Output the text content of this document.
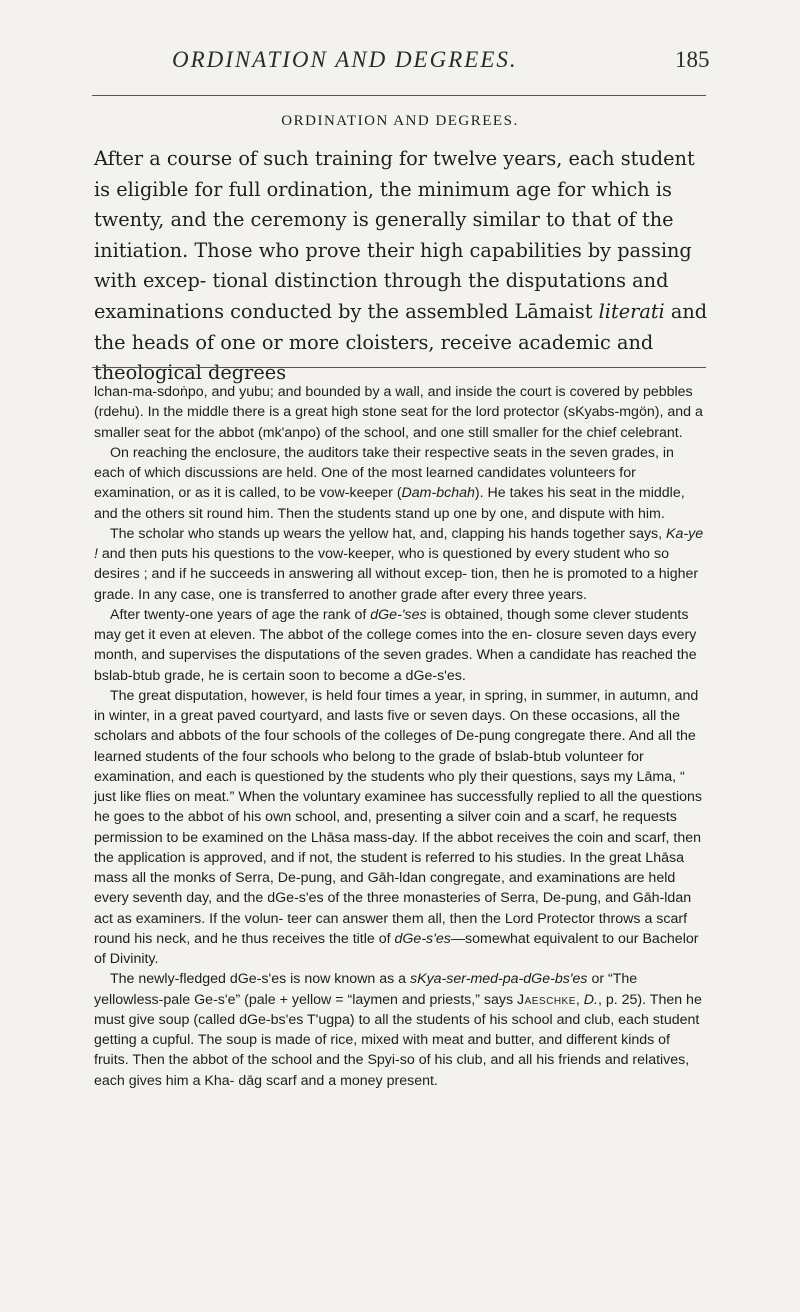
ORDINATION AND DEGREES.	185
ORDINATION AND DEGREES.

After a course of such training for twelve years, each student is eligible for full ordination, the minimum age for which is twenty, and the ceremony is generally similar to that of the initiation. Those who prove their high capabilities by passing with excep- tional distinction through the disputations and examinations conducted by the assembled Lāmaist literati and the heads of one or more cloisters, receive academic and theological degrees

lchan-ma-sdoṅpo, and yubu; and bounded by a wall, and inside the court is covered by pebbles (rdehu). In the middle there is a great high stone seat for the lord protector (sKyabs-mgön), and a smaller seat for the abbot (mk'anpo) of the school, and one still smaller for the chief celebrant.

On reaching the enclosure, the auditors take their respective seats in the seven grades, in each of which discussions are held. One of the most learned candidates volunteers for examination, or as it is called, to be vow-keeper (Dam-bchah). He takes his seat in the middle, and the others sit round him. Then the students stand up one by one, and dispute with him.

The scholar who stands up wears the yellow hat, and, clapping his hands together says, Ka-ye ! and then puts his questions to the vow-keeper, who is questioned by every student who so desires ; and if he succeeds in answering all without excep- tion, then he is promoted to a higher grade. In any case, one is transferred to another grade after every three years.

After twenty-one years of age the rank of dGe-'ses is obtained, though some clever students may get it even at eleven. The abbot of the college comes into the en- closure seven days every month, and supervises the disputations of the seven grades. When a candidate has reached the bslab-btub grade, he is certain soon to become a dGe-s'es.

The great disputation, however, is held four times a year, in spring, in summer, in autumn, and in winter, in a great paved courtyard, and lasts five or seven days. On these occasions, all the scholars and abbots of the four schools of the colleges of De-pung congregate there. And all the learned students of the four schools who belong to the grade of bslab-btub volunteer for examination, and each is questioned by the students who ply their questions, says my Lāma, “ just like flies on meat.” When the voluntary examinee has successfully replied to all the questions he goes to the abbot of his own school, and, presenting a silver coin and a scarf, he requests permission to be examined on the Lhāsa mass-day. If the abbot receives the coin and scarf, then the application is approved, and if not, the student is referred to his studies. In the great Lhāsa mass all the monks of Serra, De-pung, and Gāh-ldan congregate, and examinations are held every seventh day, and the dGe-s'es of the three monasteries of Serra, De-pung, and Gāh-ldan act as examiners. If the volun- teer can answer them all, then the Lord Protector throws a scarf round his neck, and he thus receives the title of dGe-s'es—somewhat equivalent to our Bachelor of Divinity.

The newly-fledged dGe-s'es is now known as a sKya-ser-med-pa-dGe-bs'es or “The yellowless-pale Ge-s'e” (pale + yellow = “laymen and priests,” says Jaeschke, D., p. 25). Then he must give soup (called dGe-bs'es T'ugpa) to all the students of his school and club, each student getting a cupful. The soup is made of rice, mixed with meat and butter, and different kinds of fruits. Then the abbot of the school and the Spyi-so of his club, and all his friends and relatives, each gives him a Kha- dāg scarf and a money present.
